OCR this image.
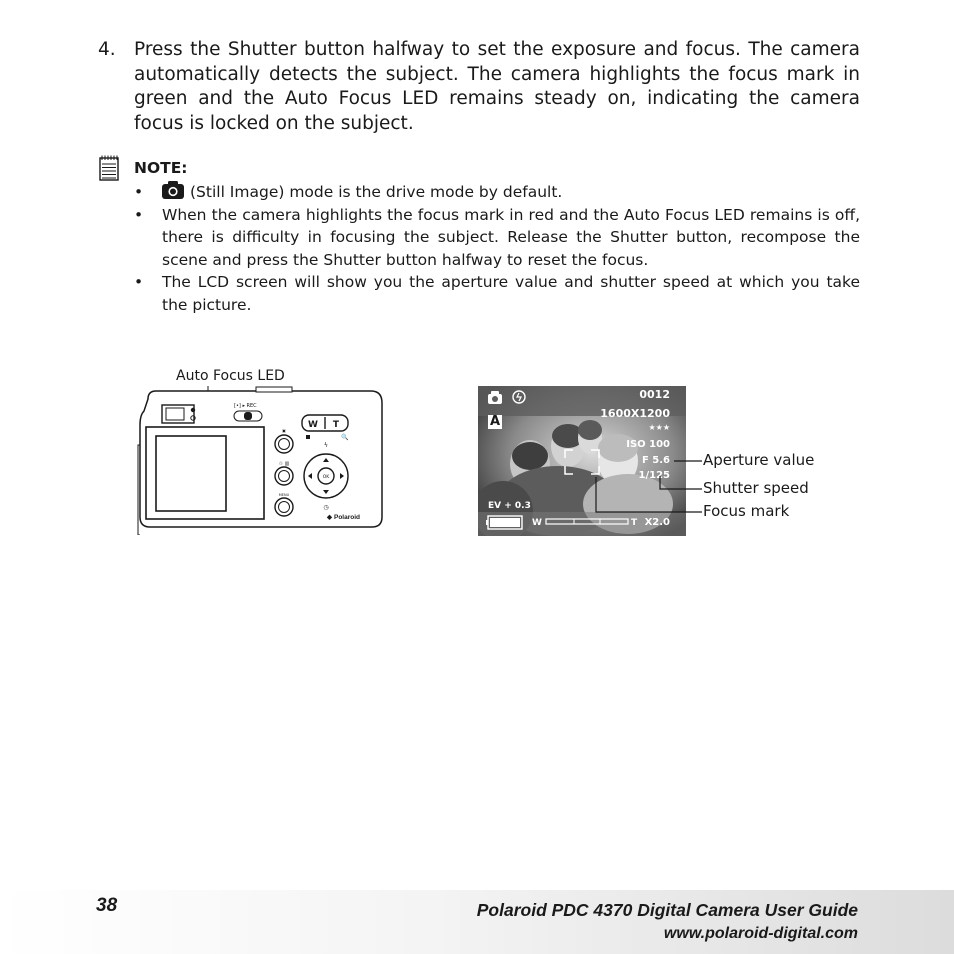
4. Press the Shutter button halfway to set the exposure and focus. The camera automatically detects the subject. The camera highlights the focus mark in green and the Auto Focus LED remains steady on, indicating the camera focus is locked on the subject.
NOTE:
•	(Still Image) mode is the drive mode by default.
• When the camera highlights the focus mark in red and the Auto Focus LED remains is off, there is difficulty in focusing the subject. Release the Shutter button, recompose the scene and press the Shutter button halfway to reset the focus.
• The LCD screen will show you the aperture value and shutter speed at which you take the picture.
Auto Focus LED
[•] ▸ REC
W T
🔍
▣
♲ ▥
MENU
OK
ϟ
◷
◆ Polaroid
A
0012
1600X1200
★★★
ISO 100
F 5.6
1/125
EV + 0.3
W	T X2.0
Aperture value
Shutter speed
Focus mark
38	Polaroid PDC 4370 Digital Camera User Guide
www.polaroid-digital.com
